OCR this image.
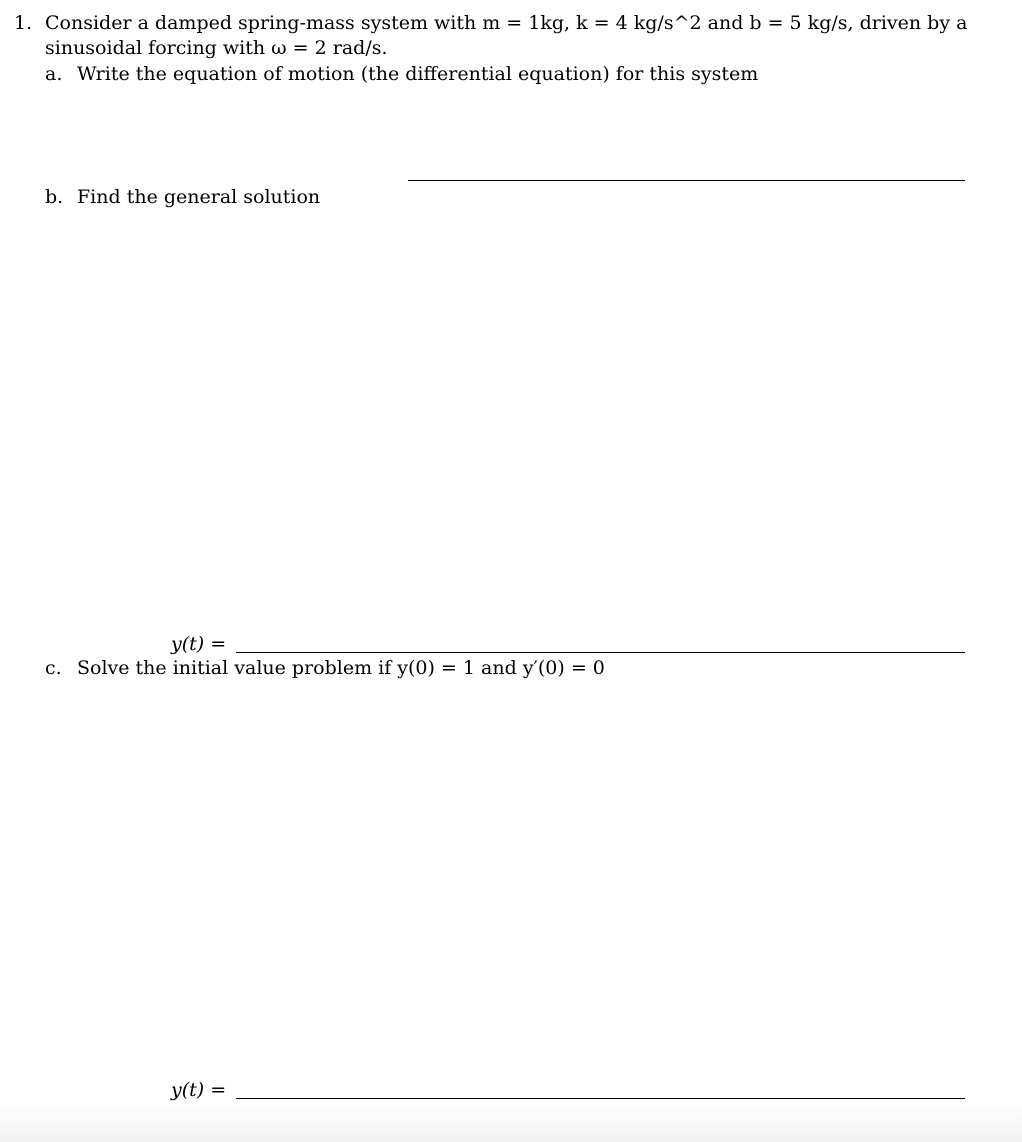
1. Consider a damped spring-mass system with m = 1kg, k = 4 kg/s^2 and b = 5 kg/s, driven by a
sinusoidal forcing with ω = 2 rad/s.
a. Write the equation of motion (the differential equation) for this system
b. Find the general solution
y(t) =
c. Solve the initial value problem if y(0) = 1 and y′(0) = 0
y(t) =
